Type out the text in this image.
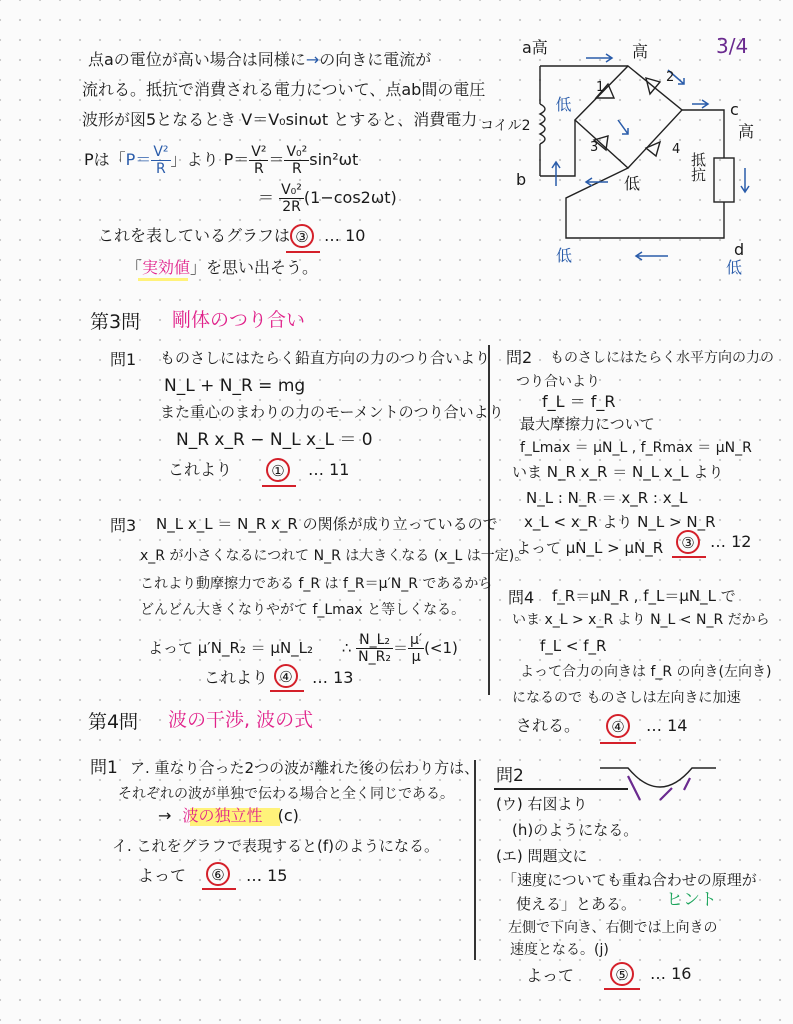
点aの電位が高い場合は同様に→の向きに電流が
流れる。抵抗で消費される電力について、点ab間の電圧
波形が図5となるとき V＝V₀sinωt とすると、消費電力
Pは「$P= \frac{\text{V²}}{R}$ 」より $P= \frac{\text{V²}}{R} = \frac{\text{V₀²}}{R} \sin^2\omega t$
＝ $\frac{\text{V₀²}}{2R} (1-\cos 2\omega t)$
これを表しているグラフは ③ … 10
「実効値」を思い出そう。
3/4
a高	高
コイル2
低
b
c
高
1
2
3	4
抵抗
低
低	d
低
第3問 剛体のつり合い
問1 ものさしにはたらく鉛直方向の力のつり合いより
N_L + N_R = mg
また重心のまわりの力のモーメントのつり合いより
N_R x_R − N_L x_L ＝ 0
これより	①	… 11
問2 ものさしにはたらく水平方向の力の
つり合いより
f_L ＝ f_R
最大摩擦力について
f_Lmax ＝ μN_L , f_Rmax ＝ μN_R
いま N_R x_R ＝ N_L x_L より
N_L : N_R ＝ x_R : x_L
x_L < x_R より N_L > N_R
よって μN_L > μN_R	③ … 12
問3 N_L x_L ＝ N_R x_R の関係が成り立っているので
x_R が小さくなるにつれて N_R は大きくなる (x_L は一定)。
これより動摩擦力である f_R は f_R＝μ′N_R であるから
どんどん大きくなりやがて f_Lmax と等しくなる。
よって μ′N_R₂ ＝ μN_L₂ ∴ $\frac{\text{N\_L₂}}{\text{N\_R₂}} = \frac{\mu'}{\mu} (<1)$
これより ④	… 13
問4 f_R＝μN_R , f_L＝μN_L で
いま x_L > x_R より N_L < N_R だから
f_L < f_R
よって合力の向きは f_R の向き(左向き)
になるので ものさしは左向きに加速
される。	④	… 14
第4問 波の干渉, 波の式
問1 ア. 重なり合った2つの波が離れた後の伝わり方は、
それぞれの波が単独で伝わる場合と全く同じである。
→ 波の独立性 (c)
イ. これをグラフで表現すると(f)のようになる。
よって	⑥	… 15
問2
(ウ) 右図より
(h)のようになる。
(エ) 問題文に
「速度についても重ね合わせの原理が
使える」とある。 ヒント
左側で下向き、右側では上向きの
速度となる。(j)
よって	⑤	… 16
